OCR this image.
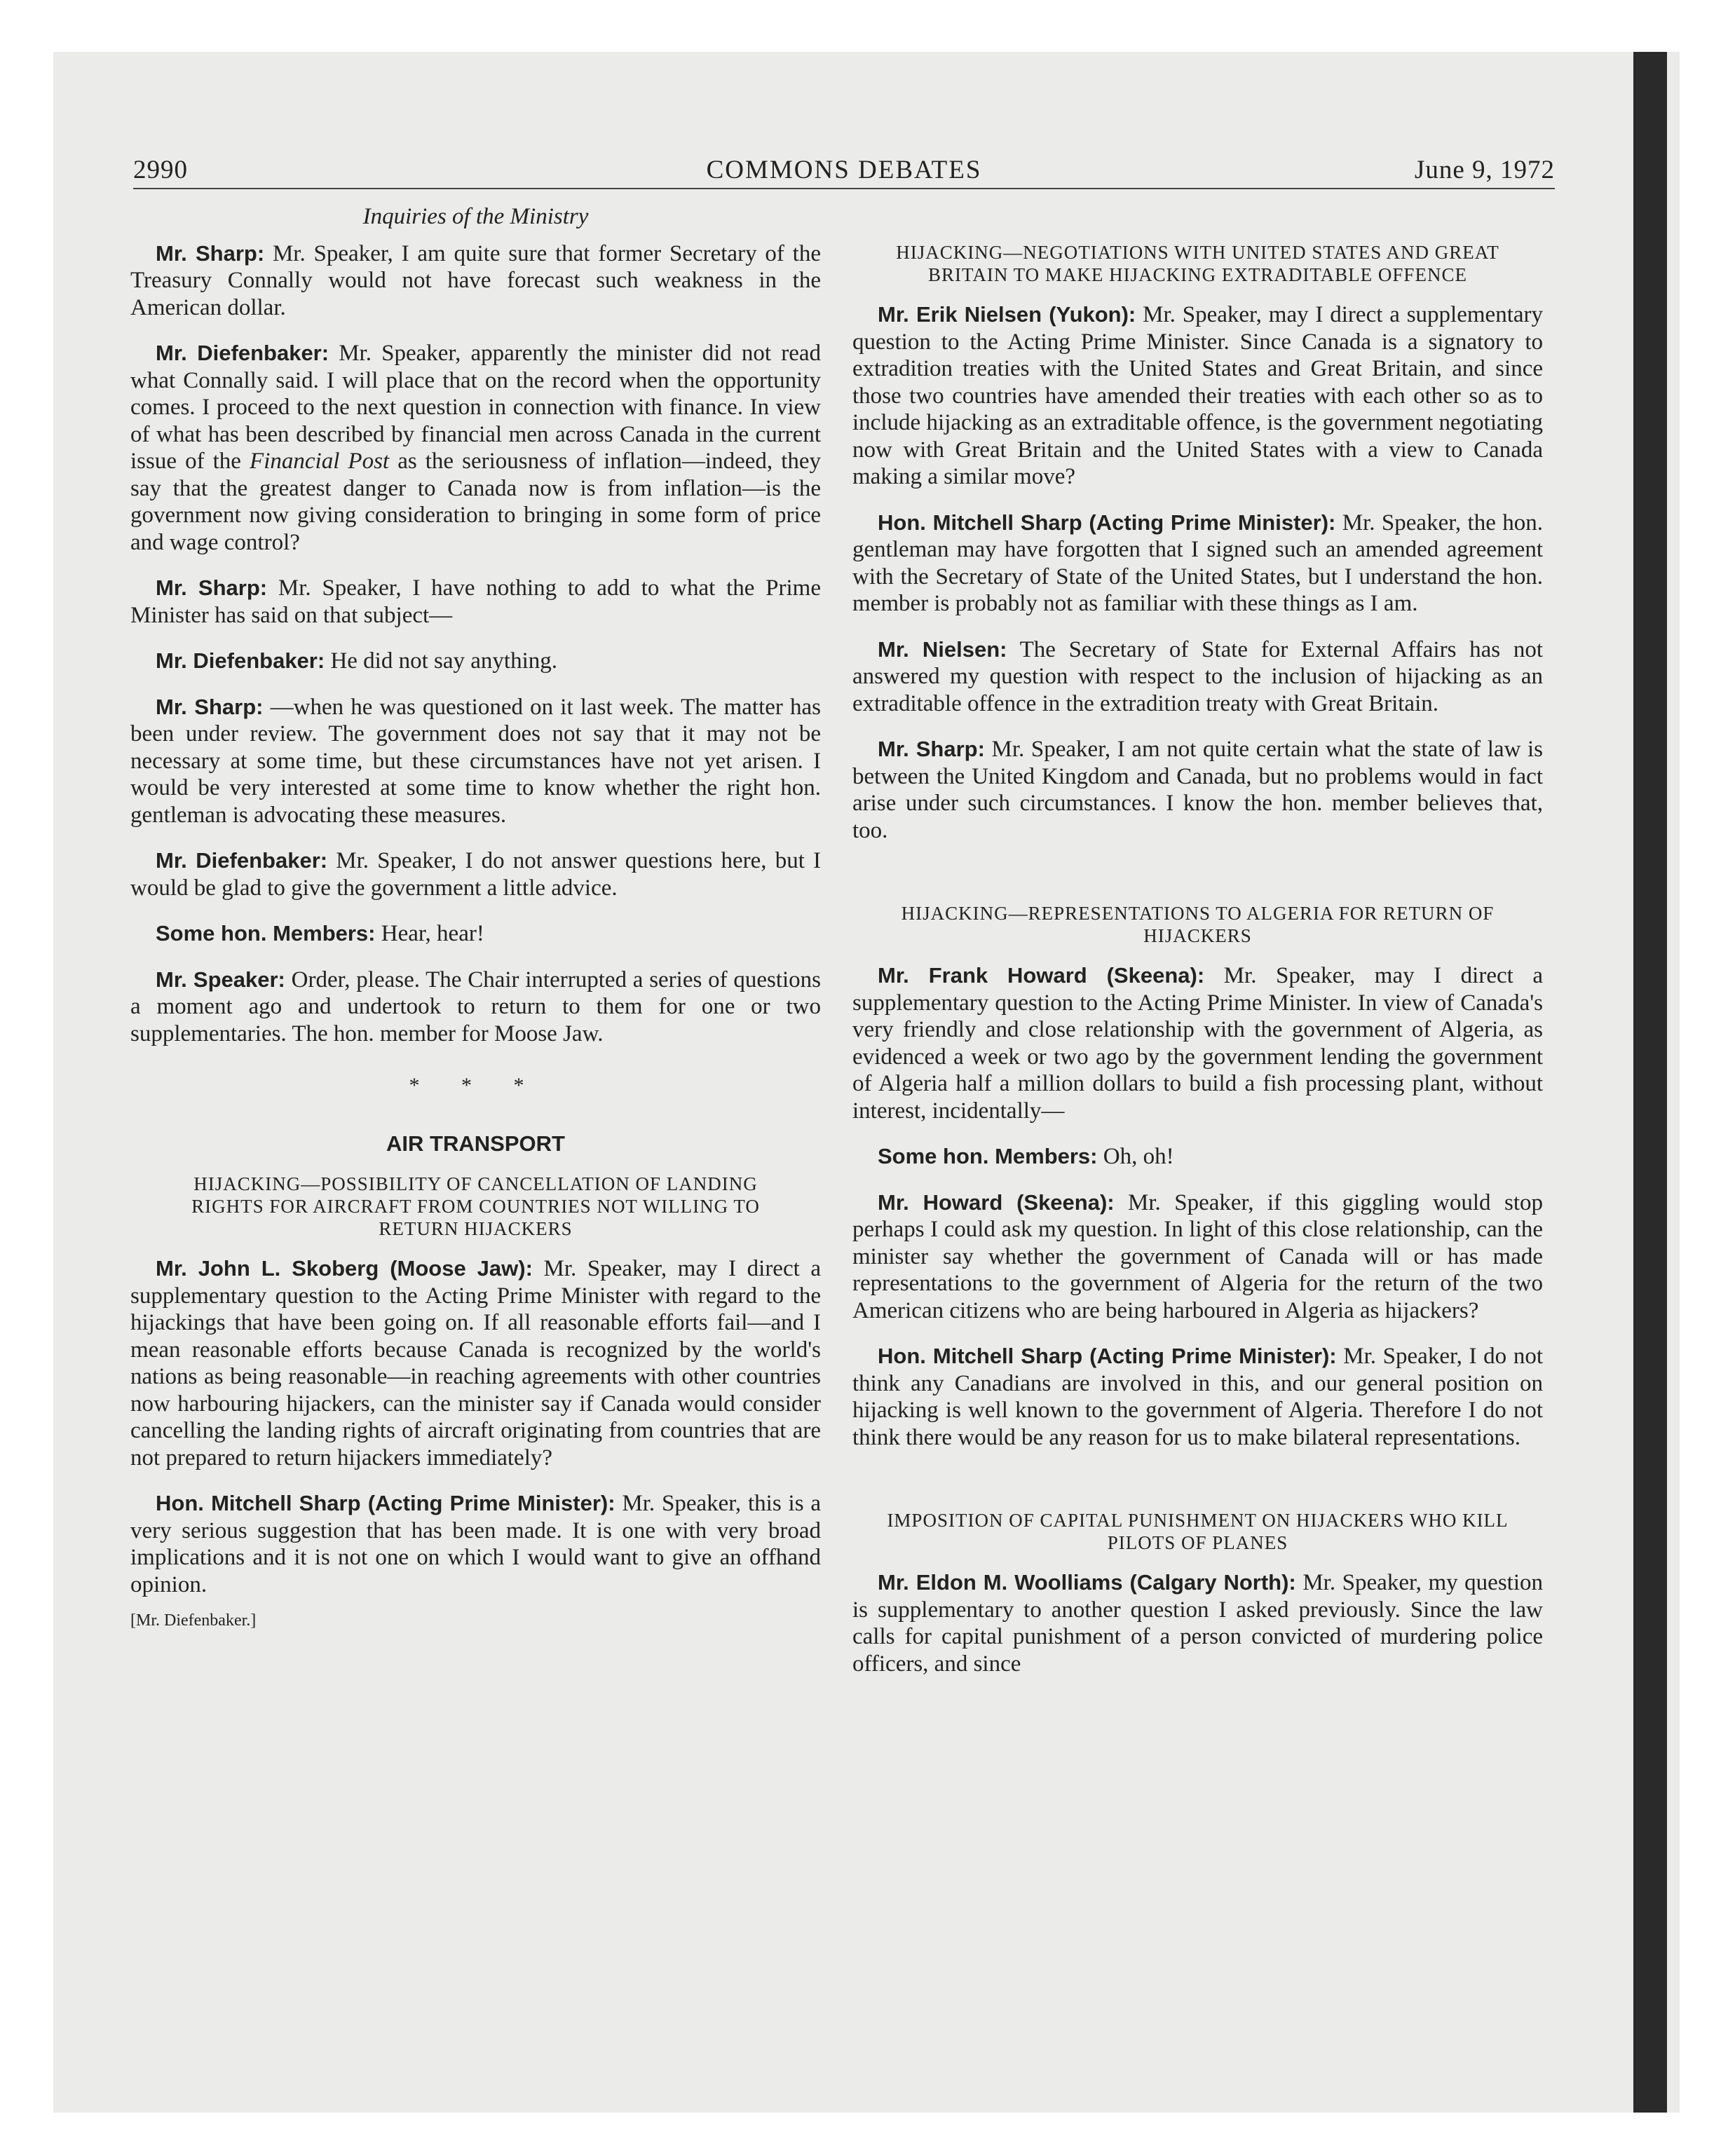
2990	COMMONS DEBATES	June 9, 1972
Inquiries of the Ministry

Mr. Sharp: Mr. Speaker, I am quite sure that former Secretary of the Treasury Connally would not have forecast such weakness in the American dollar.

Mr. Diefenbaker: Mr. Speaker, apparently the minister did not read what Connally said. I will place that on the record when the opportunity comes. I proceed to the next question in connection with finance. In view of what has been described by financial men across Canada in the current issue of the Financial Post as the seriousness of inflation—indeed, they say that the greatest danger to Canada now is from inflation—is the government now giving consideration to bringing in some form of price and wage control?

Mr. Sharp: Mr. Speaker, I have nothing to add to what the Prime Minister has said on that subject—

Mr. Diefenbaker: He did not say anything.

Mr. Sharp: —when he was questioned on it last week. The matter has been under review. The government does not say that it may not be necessary at some time, but these circumstances have not yet arisen. I would be very interested at some time to know whether the right hon. gentleman is advocating these measures.

Mr. Diefenbaker: Mr. Speaker, I do not answer questions here, but I would be glad to give the government a little advice.

Some hon. Members: Hear, hear!

Mr. Speaker: Order, please. The Chair interrupted a series of questions a moment ago and undertook to return to them for one or two supplementaries. The hon. member for Moose Jaw.

* * *
AIR TRANSPORT
HIJACKING—POSSIBILITY OF CANCELLATION OF LANDING RIGHTS FOR AIRCRAFT FROM COUNTRIES NOT WILLING TO RETURN HIJACKERS

Mr. John L. Skoberg (Moose Jaw): Mr. Speaker, may I direct a supplementary question to the Acting Prime Minister with regard to the hijackings that have been going on. If all reasonable efforts fail—and I mean reasonable efforts because Canada is recognized by the world's nations as being reasonable—in reaching agreements with other countries now harbouring hijackers, can the minister say if Canada would consider cancelling the landing rights of aircraft originating from countries that are not prepared to return hijackers immediately?

Hon. Mitchell Sharp (Acting Prime Minister): Mr. Speaker, this is a very serious suggestion that has been made. It is one with very broad implications and it is not one on which I would want to give an offhand opinion.

[Mr. Diefenbaker.]
HIJACKING—NEGOTIATIONS WITH UNITED STATES AND GREAT BRITAIN TO MAKE HIJACKING EXTRADITABLE OFFENCE

Mr. Erik Nielsen (Yukon): Mr. Speaker, may I direct a supplementary question to the Acting Prime Minister. Since Canada is a signatory to extradition treaties with the United States and Great Britain, and since those two countries have amended their treaties with each other so as to include hijacking as an extraditable offence, is the government negotiating now with Great Britain and the United States with a view to Canada making a similar move?

Hon. Mitchell Sharp (Acting Prime Minister): Mr. Speaker, the hon. gentleman may have forgotten that I signed such an amended agreement with the Secretary of State of the United States, but I understand the hon. member is probably not as familiar with these things as I am.

Mr. Nielsen: The Secretary of State for External Affairs has not answered my question with respect to the inclusion of hijacking as an extraditable offence in the extradition treaty with Great Britain.

Mr. Sharp: Mr. Speaker, I am not quite certain what the state of law is between the United Kingdom and Canada, but no problems would in fact arise under such circumstances. I know the hon. member believes that, too.

HIJACKING—REPRESENTATIONS TO ALGERIA FOR RETURN OF HIJACKERS

Mr. Frank Howard (Skeena): Mr. Speaker, may I direct a supplementary question to the Acting Prime Minister. In view of Canada's very friendly and close relationship with the government of Algeria, as evidenced a week or two ago by the government lending the government of Algeria half a million dollars to build a fish processing plant, without interest, incidentally—

Some hon. Members: Oh, oh!

Mr. Howard (Skeena): Mr. Speaker, if this giggling would stop perhaps I could ask my question. In light of this close relationship, can the minister say whether the government of Canada will or has made representations to the government of Algeria for the return of the two American citizens who are being harboured in Algeria as hijackers?

Hon. Mitchell Sharp (Acting Prime Minister): Mr. Speaker, I do not think any Canadians are involved in this, and our general position on hijacking is well known to the government of Algeria. Therefore I do not think there would be any reason for us to make bilateral representations.

IMPOSITION OF CAPITAL PUNISHMENT ON HIJACKERS WHO KILL PILOTS OF PLANES

Mr. Eldon M. Woolliams (Calgary North): Mr. Speaker, my question is supplementary to another question I asked previously. Since the law calls for capital punishment of a person convicted of murdering police officers, and since
